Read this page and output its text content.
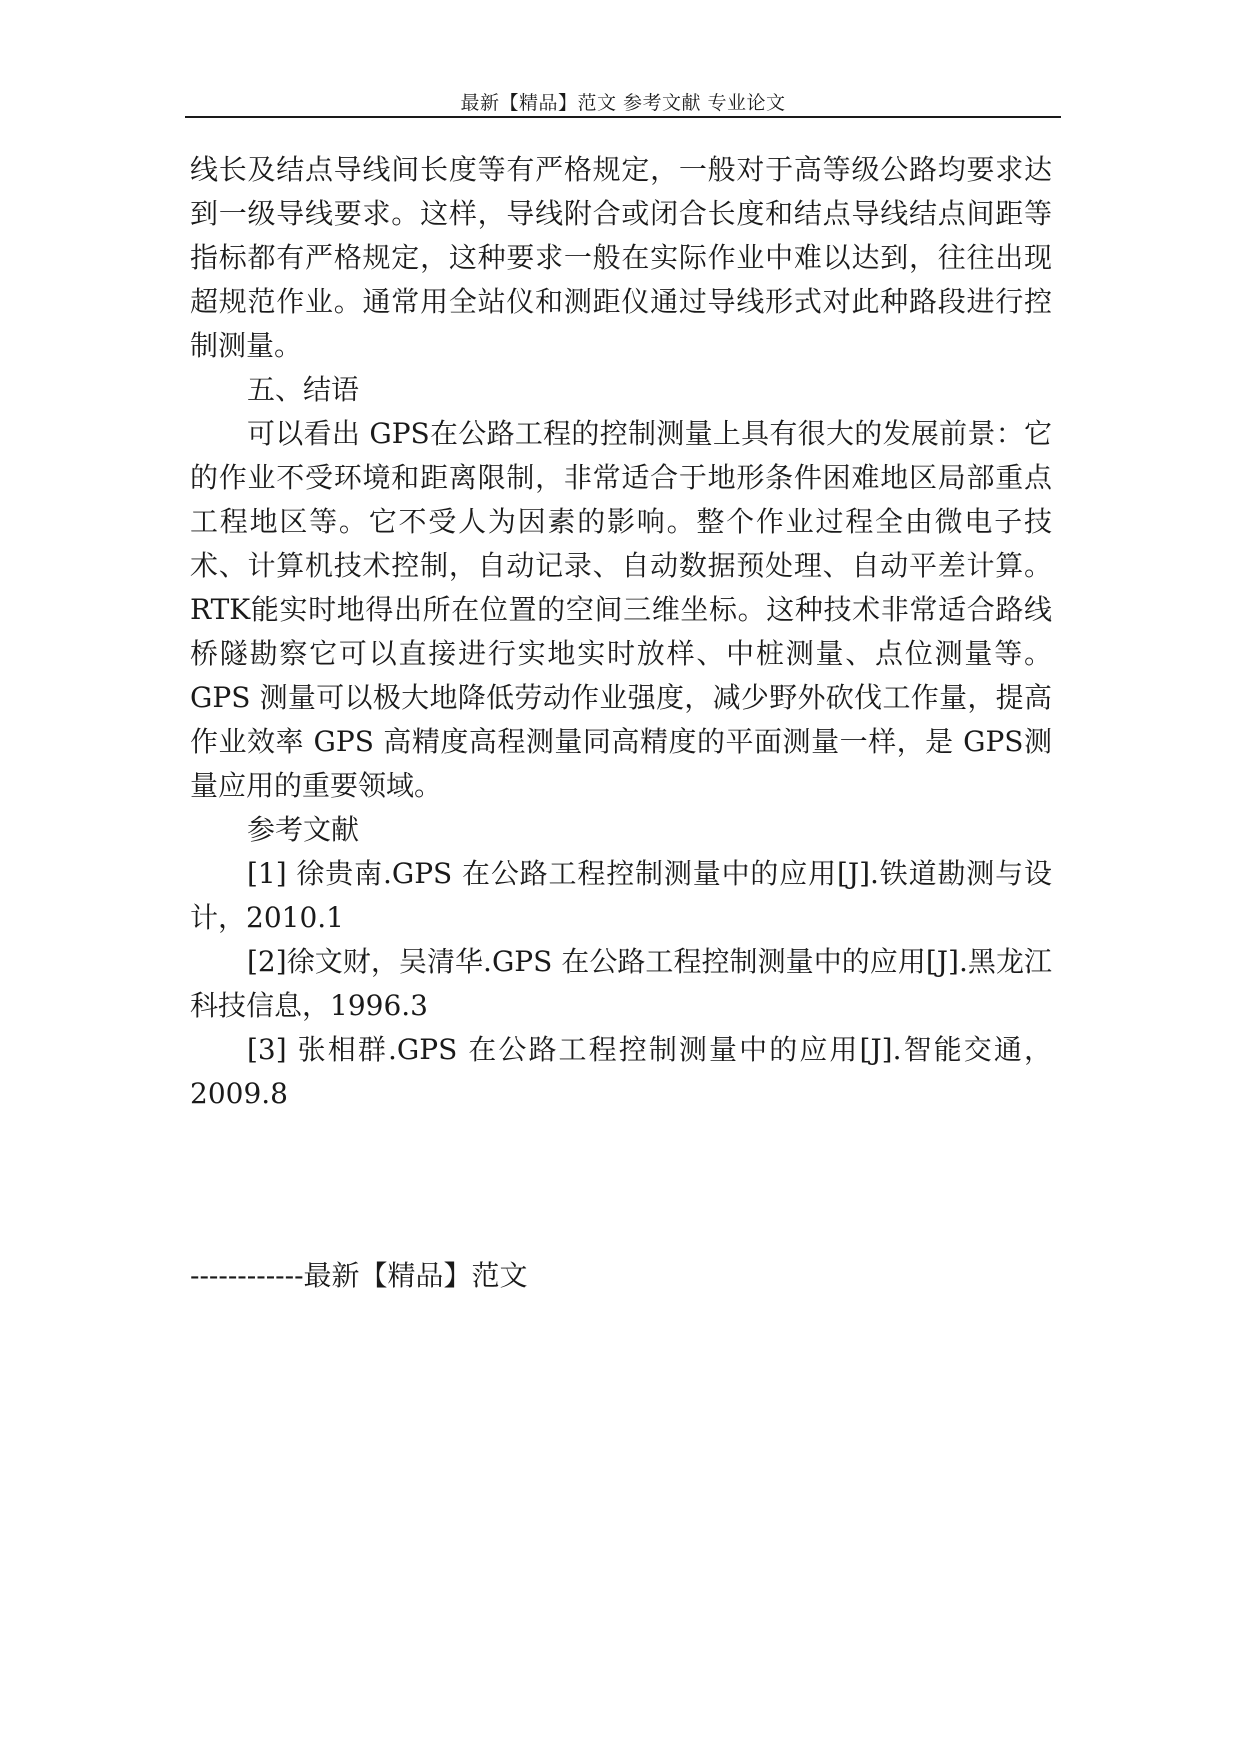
最新【精品】范文 参考文献 专业论文

线长及结点导线间长度等有严格规定，一般对于高等级公路均要求达到一级导线要求。这样，导线附合或闭合长度和结点导线结点间距等指标都有严格规定，这种要求一般在实际作业中难以达到，往往出现超规范作业。通常用全站仪和测距仪通过导线形式对此种路段进行控制测量。

五、结语

可以看出 GPS在公路工程的控制测量上具有很大的发展前景：它的作业不受环境和距离限制，非常适合于地形条件困难地区局部重点工程地区等。它不受人为因素的影响。整个作业过程全由微电子技术、计算机技术控制，自动记录、自动数据预处理、自动平差计算。RTK能实时地得出所在位置的空间三维坐标。这种技术非常适合路线桥隧勘察它可以直接进行实地实时放样、中桩测量、点位测量等。GPS 测量可以极大地降低劳动作业强度，减少野外砍伐工作量，提高作业效率 GPS 高精度高程测量同高精度的平面测量一样，是 GPS测量应用的重要领域。

参考文献

[1] 徐贵南.GPS 在公路工程控制测量中的应用[J].铁道勘测与设计，2010.1

[2]徐文财，吴清华.GPS 在公路工程控制测量中的应用[J].黑龙江科技信息，1996.3

[3] 张相群.GPS 在公路工程控制测量中的应用[J].智能交通，2009.8

------------最新【精品】范文
